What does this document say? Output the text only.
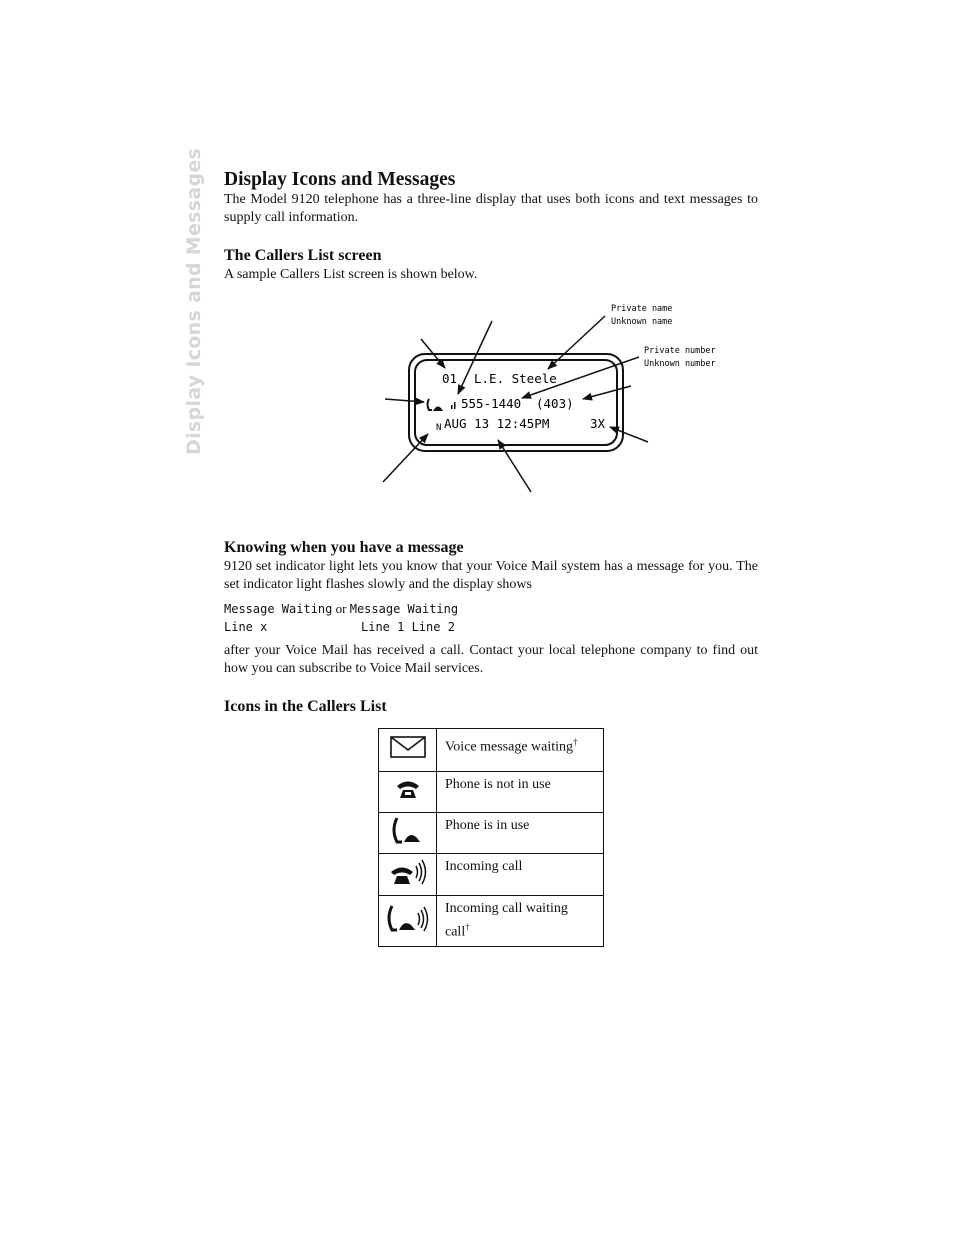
Display Icons and Messages Display Icons and Messages

The Model 9120 telephone has a three-line display that uses both icons and text messages to supply call information.

The Callers List screen

A sample Callers List screen is shown below.

Knowing when you have a message

9120 set indicator light lets you know that your Voice Mail system has a message for you. The set indicator light flashes slowly and the display shows

Message Waiting or Message Waiting
Line x	Line 1 Line 2

after your Voice Mail has received a call. Contact your local telephone company to find out how you can subscribe to Voice Mail services.

Icons in the Callers List
01 L.E. Steele
555-1440 (403)
N AUG 13 12:45PM	3X
Private name
Unknown name
Private number
Unknown number
	Voice message waiting†
	Phone is not in use
	Phone is in use
	Incoming call
	Incoming call waiting call†
